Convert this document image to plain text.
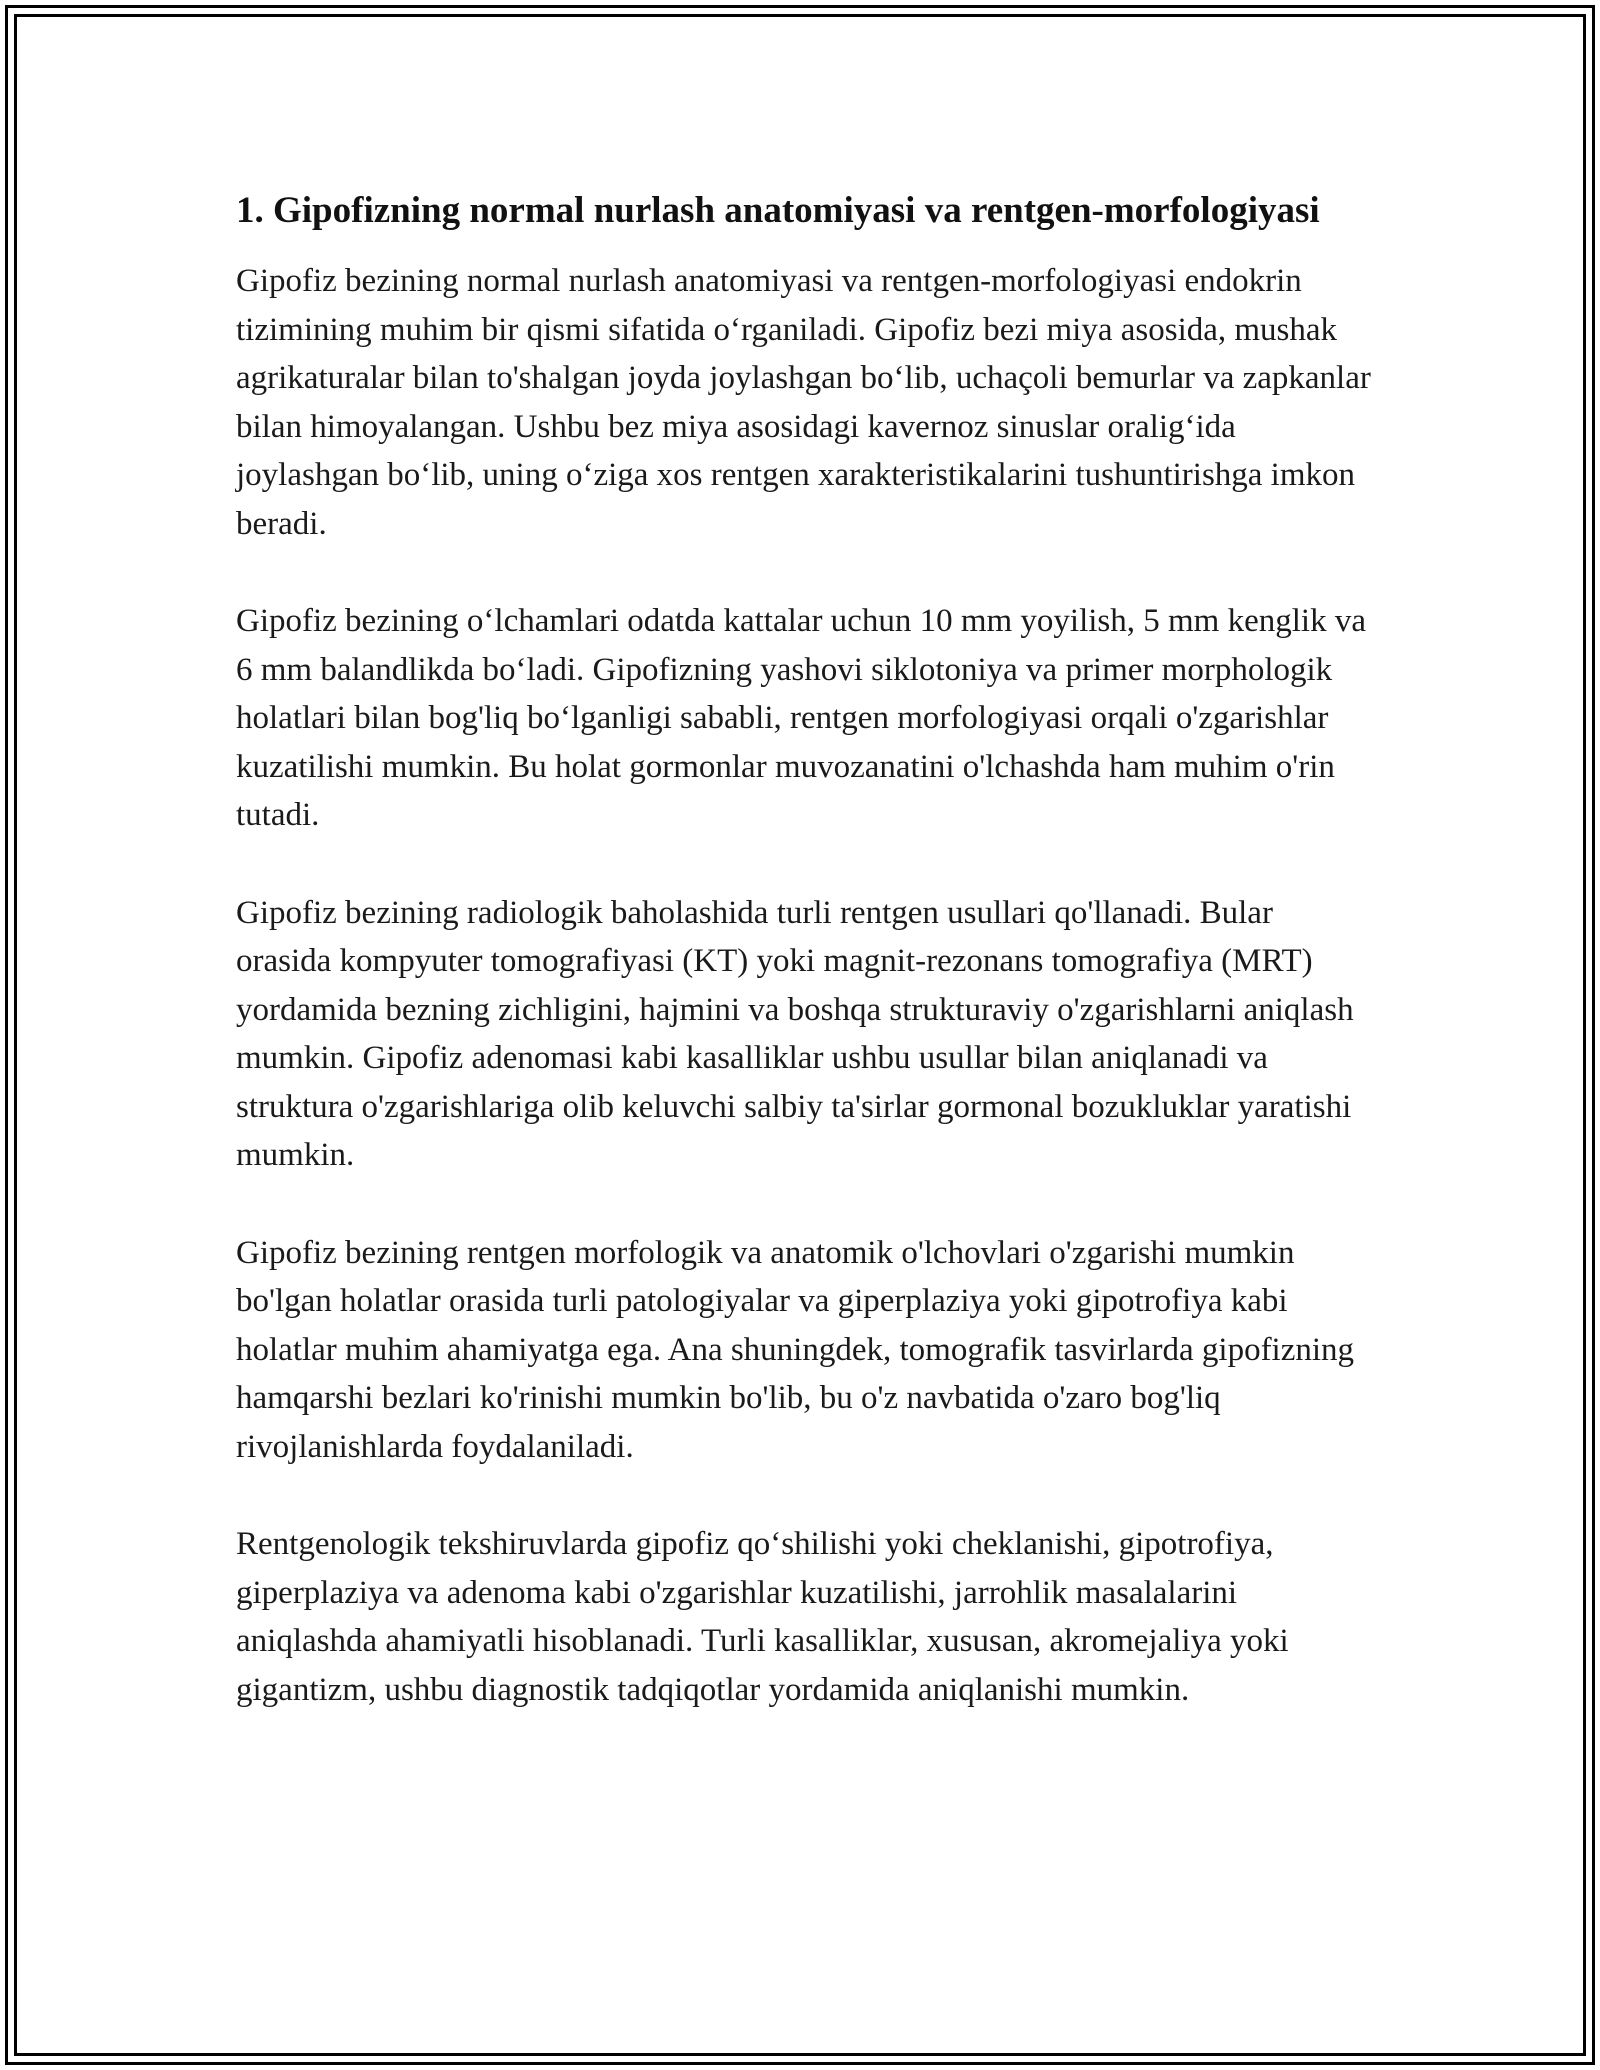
1. Gipofizning normal nurlash anatomiyasi va rentgen-morfologiyasi

Gipofiz bezining normal nurlash anatomiyasi va rentgen-morfologiyasi endokrin tizimining muhim bir qismi sifatida o‘rganiladi. Gipofiz bezi miya asosida, mushak agrikaturalar bilan to'shalgan joyda joylashgan bo‘lib, uchaçoli bemurlar va zapkanlar bilan himoyalangan. Ushbu bez miya asosidagi kavernoz sinuslar oralig‘ida joylashgan bo‘lib, uning o‘ziga xos rentgen xarakteristikalarini tushuntirishga imkon beradi.

Gipofiz bezining o‘lchamlari odatda kattalar uchun 10 mm yoyilish, 5 mm kenglik va 6 mm balandlikda bo‘ladi. Gipofizning yashovi siklotoniya va primer morphologik holatlari bilan bog'liq bo‘lganligi sababli, rentgen morfologiyasi orqali o'zgarishlar kuzatilishi mumkin. Bu holat gormonlar muvozanatini o'lchashda ham muhim o'rin tutadi.

Gipofiz bezining radiologik baholashida turli rentgen usullari qo'llanadi. Bular orasida kompyuter tomografiyasi (KT) yoki magnit-rezonans tomografiya (MRT) yordamida bezning zichligini, hajmini va boshqa strukturaviy o'zgarishlarni aniqlash mumkin. Gipofiz adenomasi kabi kasalliklar ushbu usullar bilan aniqlanadi va struktura o'zgarishlariga olib keluvchi salbiy ta'sirlar gormonal bozukluklar yaratishi mumkin.

Gipofiz bezining rentgen morfologik va anatomik o'lchovlari o'zgarishi mumkin bo'lgan holatlar orasida turli patologiyalar va giperplaziya yoki gipotrofiya kabi holatlar muhim ahamiyatga ega. Ana shuningdek, tomografik tasvirlarda gipofizning hamqarshi bezlari ko'rinishi mumkin bo'lib, bu o'z navbatida o'zaro bog'liq rivojlanishlarda foydalaniladi.

Rentgenologik tekshiruvlarda gipofiz qo‘shilishi yoki cheklanishi, gipotrofiya, giperplaziya va adenoma kabi o'zgarishlar kuzatilishi, jarrohlik masalalarini aniqlashda ahamiyatli hisoblanadi. Turli kasalliklar, xususan, akromejaliya yoki gigantizm, ushbu diagnostik tadqiqotlar yordamida aniqlanishi mumkin.
